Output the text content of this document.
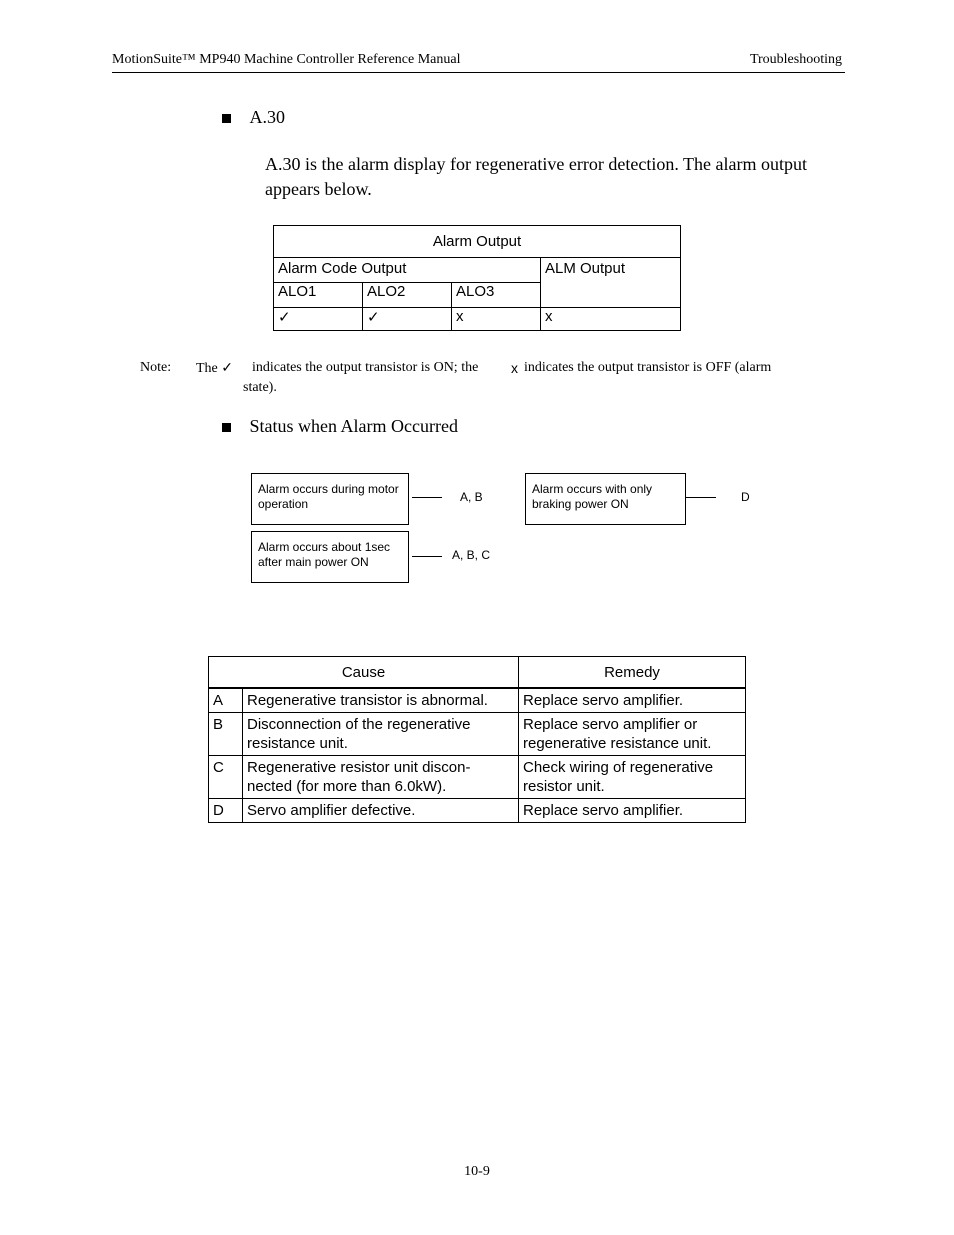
MotionSuite™ MP940 Machine Controller Reference Manual	Troubleshooting
A.30
A.30 is the alarm display for regenerative error detection. The alarm output appears below.
Alarm Output			
Alarm Code Output			ALM Output
ALO1	ALO2	ALO3	
✓	✓	x	x
Note: The ✓ indicates the output transistor is ON; the x indicates the output transistor is OFF (alarm
state).
Status when Alarm Occurred
Alarm occurs during motor operation	A, B
Alarm occurs with only braking power ON	D
Alarm occurs about 1sec after main power ON	A, B, C
Cause		Remedy
A	Regenerative transistor is abnormal.	Replace servo amplifier.
B	Disconnection of the regenerative resistance unit.	Replace servo amplifier or regenerative resistance unit.
C	Regenerative resistor unit discon-nected (for more than 6.0kW).	Check wiring of regenerative resistor unit.
D	Servo amplifier defective.	Replace servo amplifier.
10-9
